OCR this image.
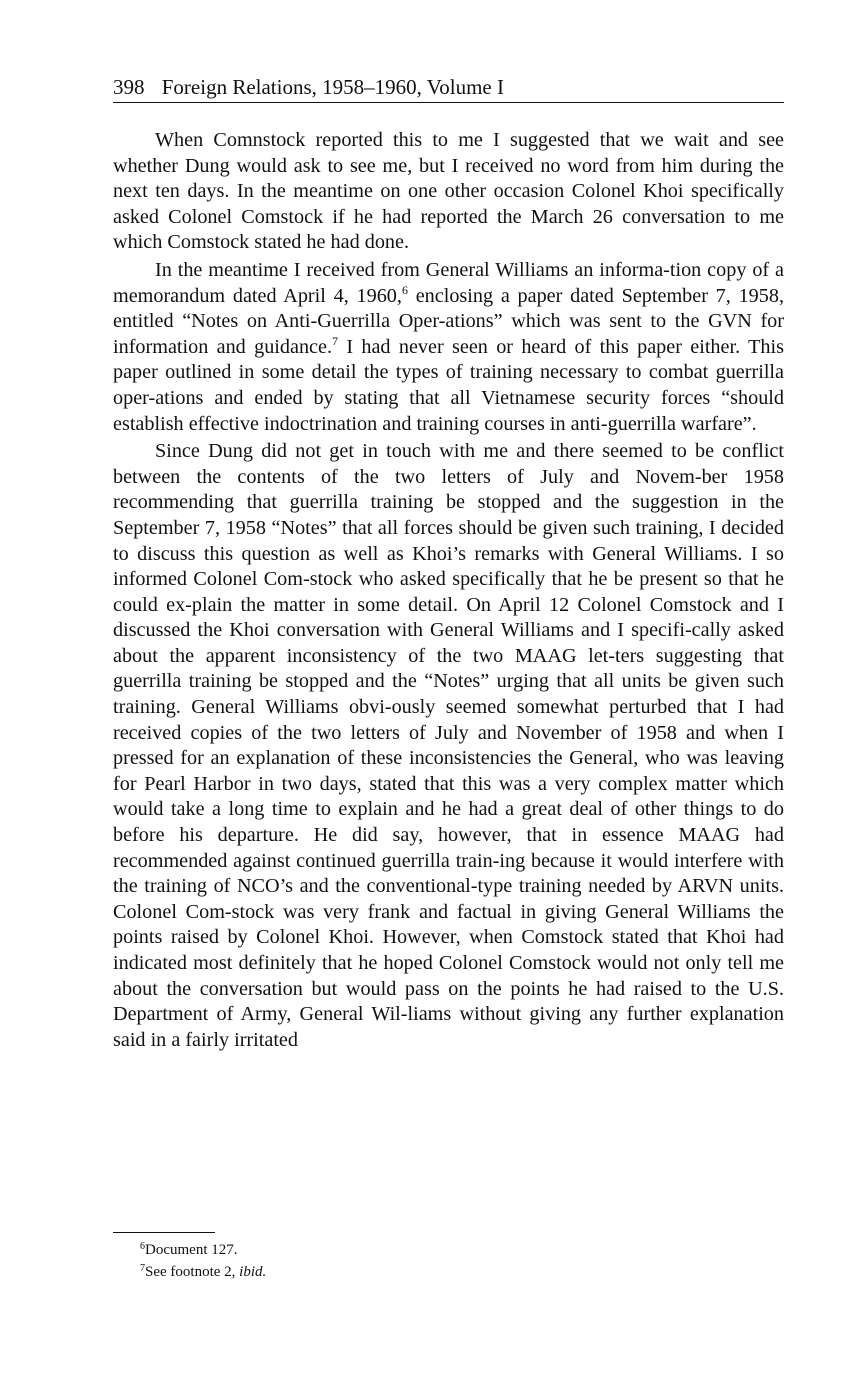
398 Foreign Relations, 1958–1960, Volume I

When Comnstock reported this to me I suggested that we wait and see whether Dung would ask to see me, but I received no word from him during the next ten days. In the meantime on one other occasion Colonel Khoi specifically asked Colonel Comstock if he had reported the March 26 conversation to me which Comstock stated he had done.

In the meantime I received from General Williams an informa-tion copy of a memorandum dated April 4, 1960,$^6$ enclosing a paper dated September 7, 1958, entitled “Notes on Anti-Guerrilla Oper-ations” which was sent to the GVN for information and guidance.$^7$ I had never seen or heard of this paper either. This paper outlined in some detail the types of training necessary to combat guerrilla oper-ations and ended by stating that all Vietnamese security forces “should establish effective indoctrination and training courses in anti-guerrilla warfare”.

Since Dung did not get in touch with me and there seemed to be conflict between the contents of the two letters of July and Novem-ber 1958 recommending that guerrilla training be stopped and the suggestion in the September 7, 1958 “Notes” that all forces should be given such training, I decided to discuss this question as well as Khoi’s remarks with General Williams. I so informed Colonel Com-stock who asked specifically that he be present so that he could ex-plain the matter in some detail. On April 12 Colonel Comstock and I discussed the Khoi conversation with General Williams and I specifi-cally asked about the apparent inconsistency of the two MAAG let-ters suggesting that guerrilla training be stopped and the “Notes” urging that all units be given such training. General Williams obvi-ously seemed somewhat perturbed that I had received copies of the two letters of July and November of 1958 and when I pressed for an explanation of these inconsistencies the General, who was leaving for Pearl Harbor in two days, stated that this was a very complex matter which would take a long time to explain and he had a great deal of other things to do before his departure. He did say, however, that in essence MAAG had recommended against continued guerrilla train-ing because it would interfere with the training of NCO’s and the conventional-type training needed by ARVN units. Colonel Com-stock was very frank and factual in giving General Williams the points raised by Colonel Khoi. However, when Comstock stated that Khoi had indicated most definitely that he hoped Colonel Comstock would not only tell me about the conversation but would pass on the points he had raised to the U.S. Department of Army, General Wil-liams without giving any further explanation said in a fairly irritated

$^6$Document 127.
$^7$See footnote 2, ibid.
